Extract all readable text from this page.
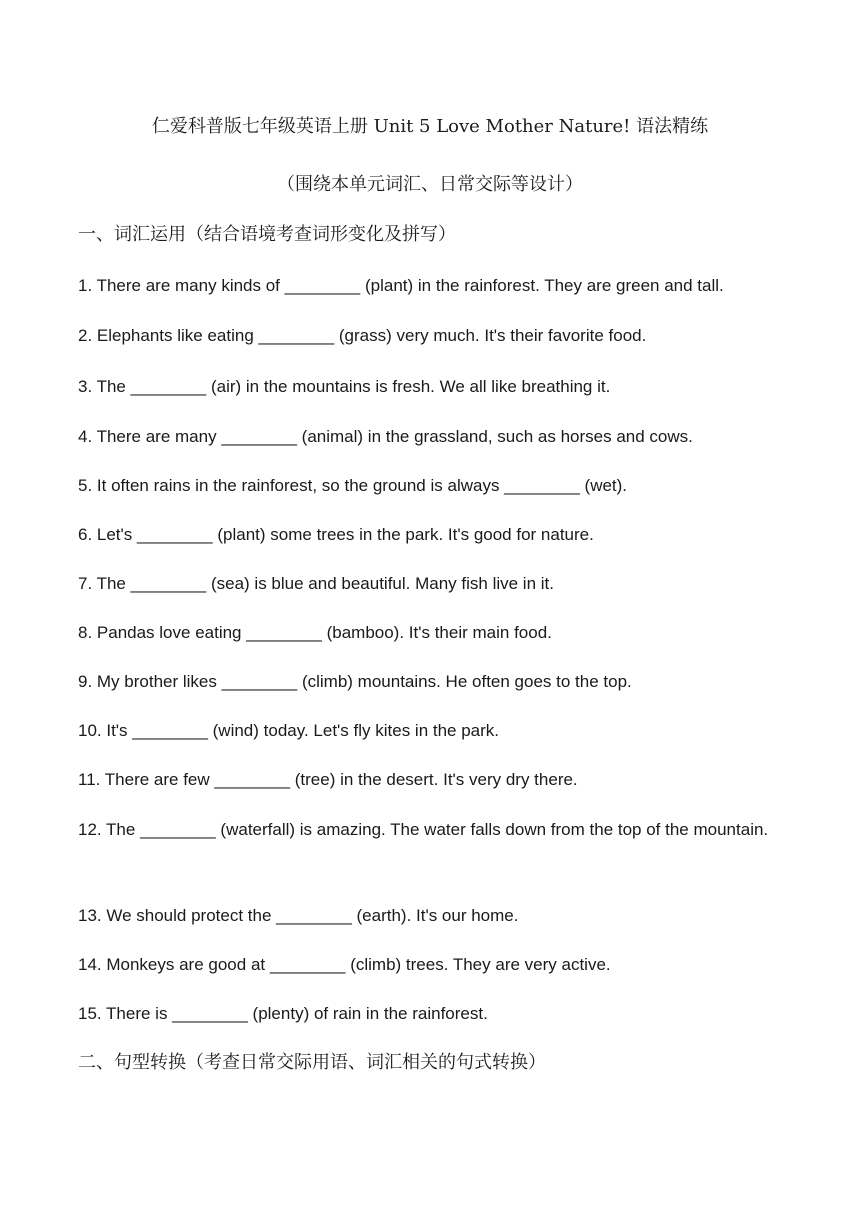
仁爱科普版七年级英语上册 Unit 5 Love Mother Nature! 语法精练
（围绕本单元词汇、日常交际等设计）
一、词汇运用（结合语境考查词形变化及拼写）
1. There are many kinds of ________ (plant) in the rainforest. They are green and tall.
2. Elephants like eating ________ (grass) very much. It's their favorite food.
3. The ________ (air) in the mountains is fresh. We all like breathing it.
4. There are many ________ (animal) in the grassland, such as horses and cows.
5. It often rains in the rainforest, so the ground is always ________ (wet).
6. Let's ________ (plant) some trees in the park. It's good for nature.
7. The ________ (sea) is blue and beautiful. Many fish live in it.
8. Pandas love eating ________ (bamboo). It's their main food.
9. My brother likes ________ (climb) mountains. He often goes to the top.
10. It's ________ (wind) today. Let's fly kites in the park.
11. There are few ________ (tree) in the desert. It's very dry there.
12. The ________ (waterfall) is amazing. The water falls down from the top of the mountain.
13. We should protect the ________ (earth). It's our home.
14. Monkeys are good at ________ (climb) trees. They are very active.
15. There is ________ (plenty) of rain in the rainforest.
二、句型转换（考查日常交际用语、词汇相关的句式转换）
